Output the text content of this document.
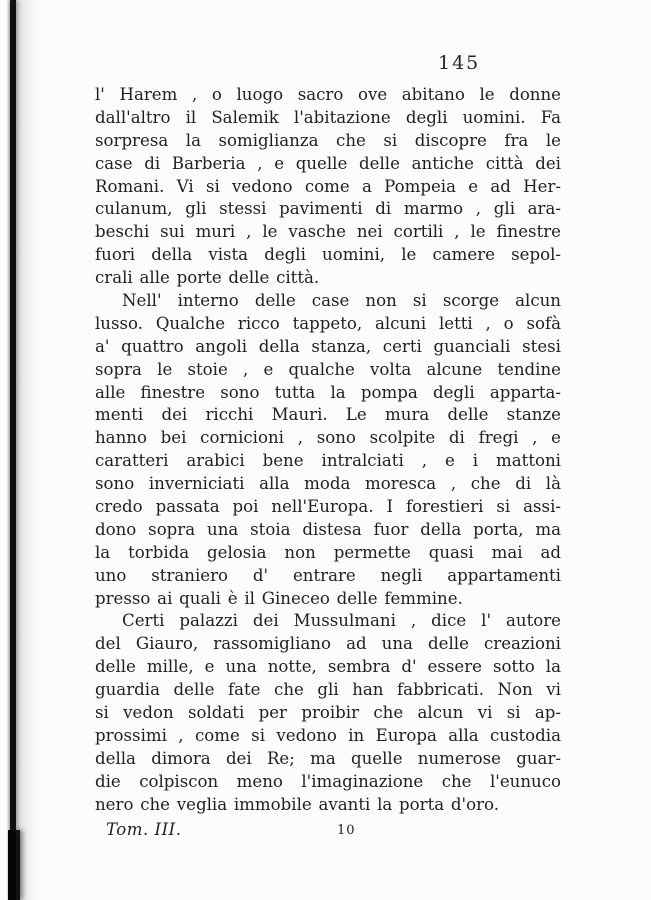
145
l' Harem , o luogo sacro ove abitano le donne
dall'altro il Salemik l'abitazione degli uomini. Fa
sorpresa la somiglianza che si discopre fra le
case di Barberia , e quelle delle antiche città dei
Romani. Vi si vedono come a Pompeia e ad Her-
culanum, gli stessi pavimenti di marmo , gli ara-
beschi sui muri , le vasche nei cortili , le finestre
fuori della vista degli uomini, le camere sepol-
crali alle porte delle città.
Nell' interno delle case non si scorge alcun
lusso. Qualche ricco tappeto, alcuni letti , o sofà
a' quattro angoli della stanza, certi guanciali stesi
sopra le stoie , e qualche volta alcune tendine
alle finestre sono tutta la pompa degli apparta-
menti dei ricchi Mauri. Le mura delle stanze
hanno bei cornicioni , sono scolpite di fregi , e
caratteri arabici bene intralciati , e i mattoni
sono inverniciati alla moda moresca , che di là
credo passata poi nell'Europa. I forestieri si assi-
dono sopra una stoia distesa fuor della porta, ma
la torbida gelosia non permette quasi mai ad
uno straniero d' entrare negli appartamenti
presso ai quali è il Gineceo delle femmine.
Certi palazzi dei Mussulmani , dice l' autore
del Giauro, rassomigliano ad una delle creazioni
delle mille, e una notte, sembra d' essere sotto la
guardia delle fate che gli han fabbricati. Non vi
si vedon soldati per proibir che alcun vi si ap-
prossimi , come si vedono in Europa alla custodia
della dimora dei Re; ma quelle numerose guar-
die colpiscon meno l'imaginazione che l'eunuco
nero che veglia immobile avanti la porta d'oro.
Tom. III.	10
